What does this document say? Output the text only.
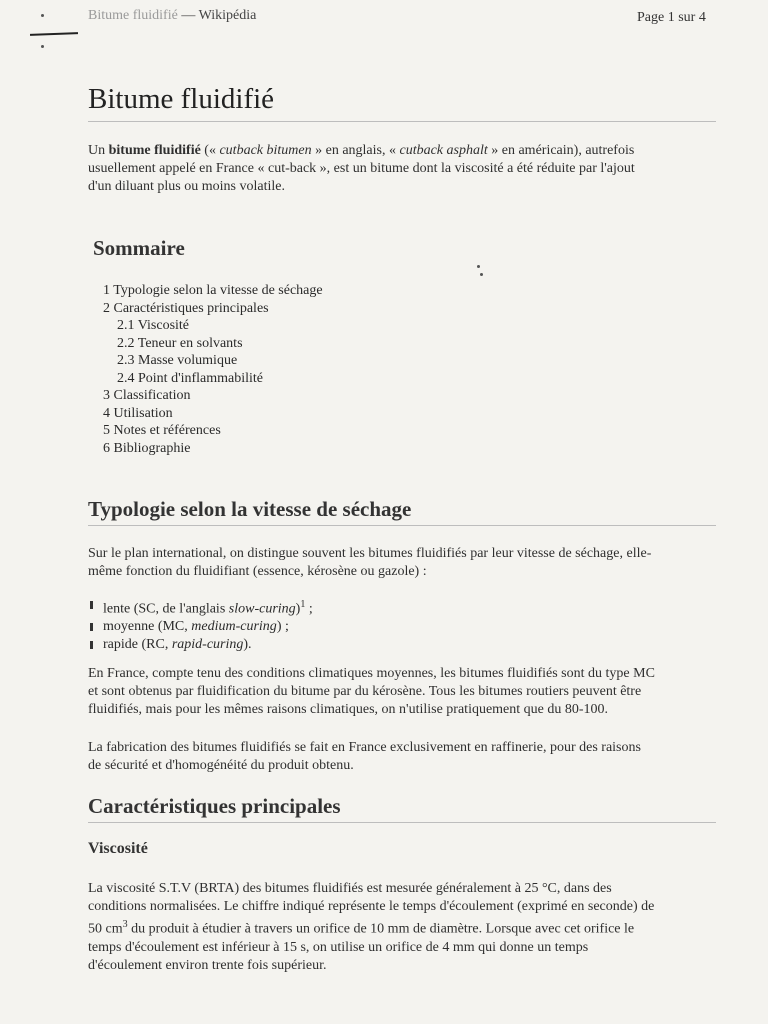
Bitume fluidifié — Wikipédia	Page 1 sur 4
Bitume fluidifié

Un bitume fluidifié (« cutback bitumen » en anglais, « cutback asphalt » en américain), autrefois

usuellement appelé en France « cut-back », est un bitume dont la viscosité a été réduite par l'ajout

d'un diluant plus ou moins volatile.

Sommaire
1 Typologie selon la vitesse de séchage
2 Caractéristiques principales
2.1 Viscosité
2.2 Teneur en solvants
2.3 Masse volumique
2.4 Point d'inflammabilité
3 Classification
4 Utilisation
5 Notes et références
6 Bibliographie
Typologie selon la vitesse de séchage

Sur le plan international, on distingue souvent les bitumes fluidifiés par leur vitesse de séchage, elle-

même fonction du fluidifiant (essence, kérosène ou gazole) :

lente (SC, de l'anglais slow-curing)$^1$ ;
moyenne (MC, medium-curing) ;
rapide (RC, rapid-curing).

En France, compte tenu des conditions climatiques moyennes, les bitumes fluidifiés sont du type MC

et sont obtenus par fluidification du bitume par du kérosène. Tous les bitumes routiers peuvent être

fluidifiés, mais pour les mêmes raisons climatiques, on n'utilise pratiquement que du 80-100.

La fabrication des bitumes fluidifiés se fait en France exclusivement en raffinerie, pour des raisons

de sécurité et d'homogénéité du produit obtenu.

Caractéristiques principales
Viscosité

La viscosité S.T.V (BRTA) des bitumes fluidifiés est mesurée généralement à 25 °C, dans des

conditions normalisées. Le chiffre indiqué représente le temps d'écoulement (exprimé en seconde) de

50 $cm^3$ du produit à étudier à travers un orifice de 10 mm de diamètre. Lorsque avec cet orifice le

temps d'écoulement est inférieur à 15 s, on utilise un orifice de 4 mm qui donne un temps

d'écoulement environ trente fois supérieur.
